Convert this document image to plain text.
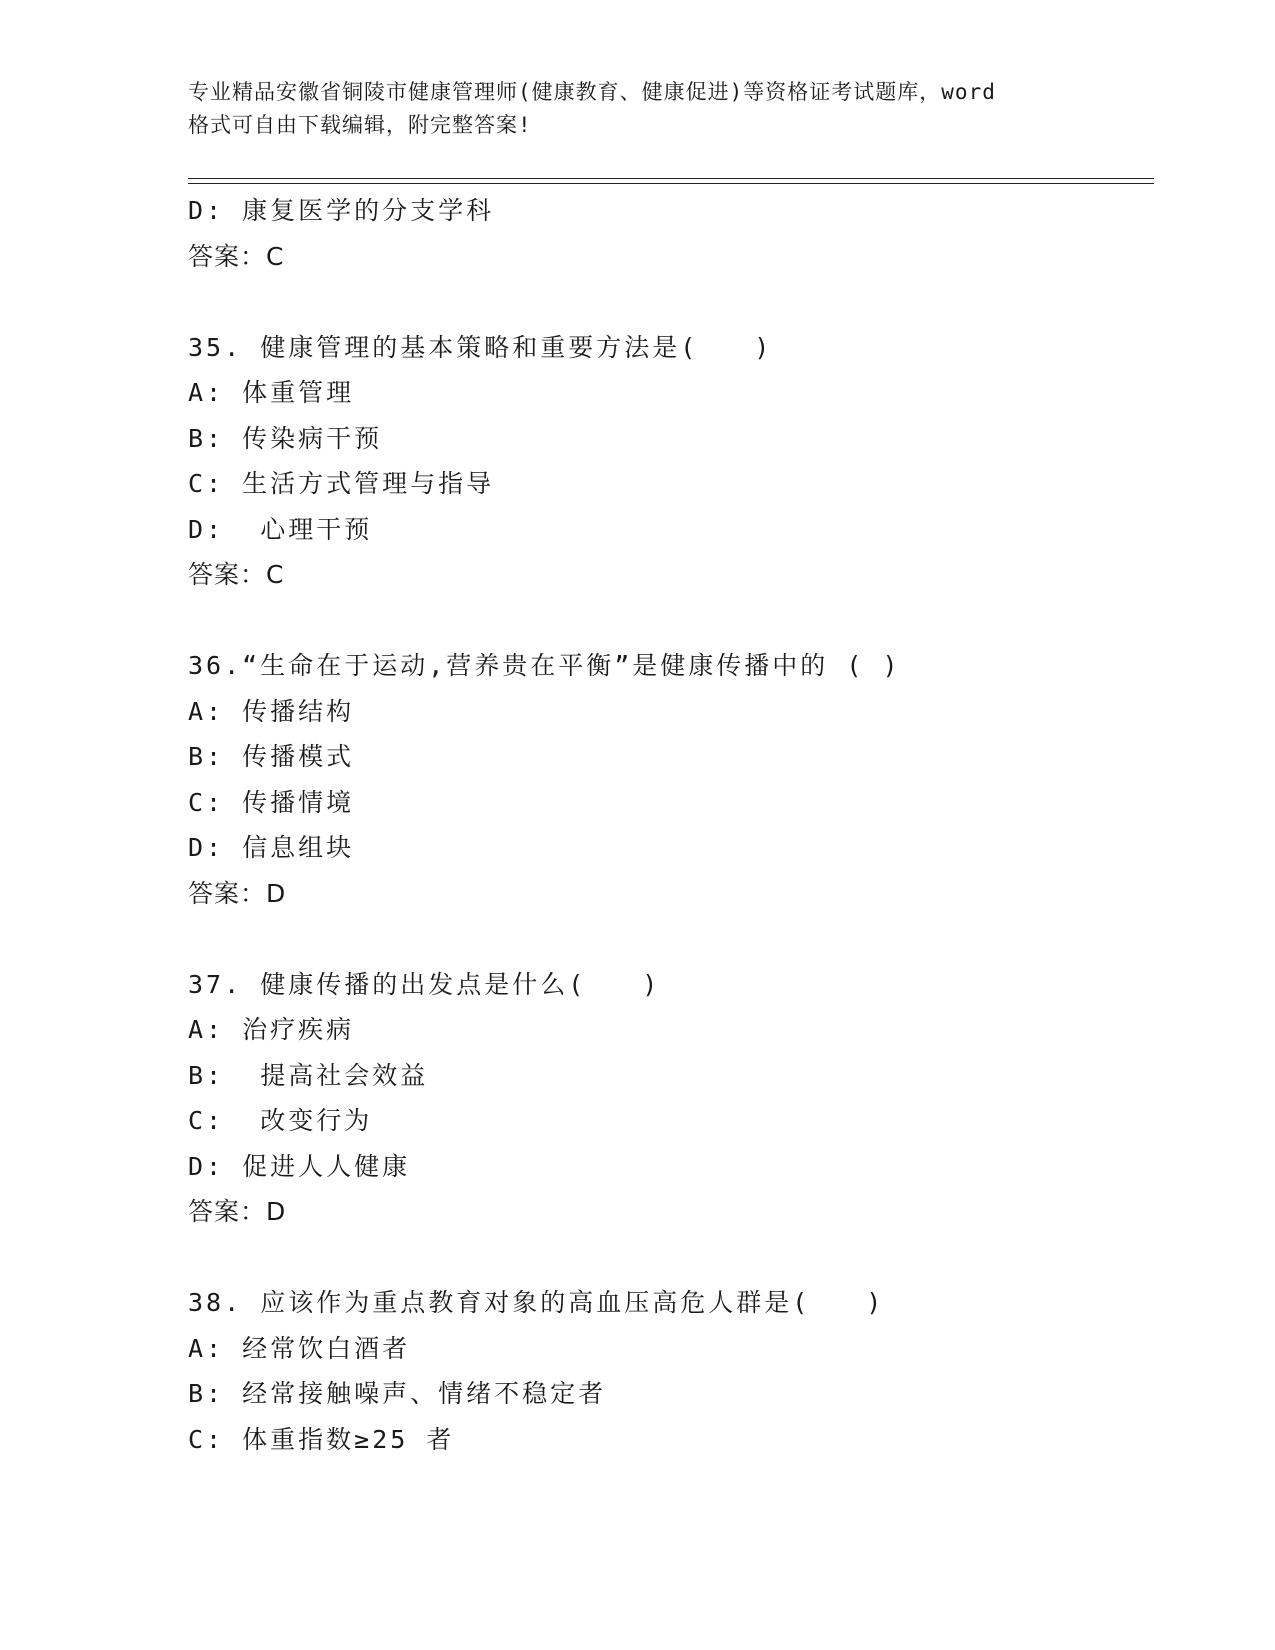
专业精品安徽省铜陵市健康管理师(健康教育、健康促进)等资格证考试题库，word
格式可自由下载编辑，附完整答案!
D: 康复医学的分支学科
答案：C
35. 健康管理的基本策略和重要方法是(　　)
A: 体重管理
B: 传染病干预
C: 生活方式管理与指导
D:  心理干预
答案：C
36.“生命在于运动,营养贵在平衡”是健康传播中的 ( )
A: 传播结构
B: 传播模式
C: 传播情境
D: 信息组块
答案：D
37. 健康传播的出发点是什么(　　)
A: 治疗疾病
B:  提高社会效益
C:  改变行为
D: 促进人人健康
答案：D
38. 应该作为重点教育对象的高血压高危人群是(　　)
A: 经常饮白酒者
B: 经常接触噪声、情绪不稳定者
C: 体重指数≥25 者
